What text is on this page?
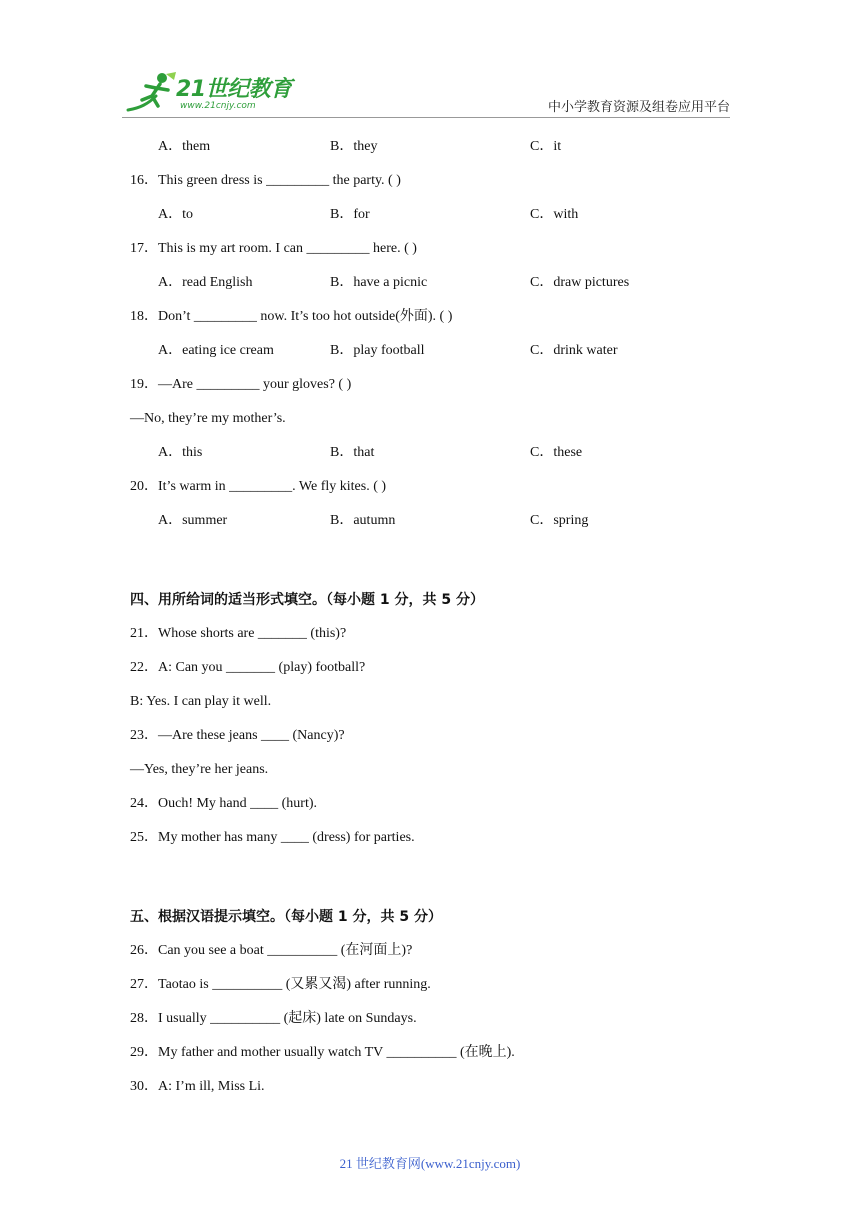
21世纪教育
www.21cnjy.com	中小学教育资源及组卷应用平台
A．them	B．they	C．it
16．This green dress is _________ the party. ( )
A．to	B．for	C．with
17．This is my art room. I can _________ here. ( )
A．read English	B．have a picnic	C．draw pictures
18．Don’t _________ now. It’s too hot outside(外面). ( )
A．eating ice cream	B．play football	C．drink water
19．—Are _________ your gloves? ( )
—No, they’re my mother’s.
A．this	B．that	C．these
20．It’s warm in _________. We fly kites. ( )
A．summer	B．autumn	C．spring
四、用所给词的适当形式填空。（每小题 1 分，共 5 分）
21．Whose shorts are _______ (this)?
22．A: Can you _______ (play) football?
B: Yes. I can play it well.
23．—Are these jeans ____ (Nancy)?
—Yes, they’re her jeans.
24．Ouch! My hand ____ (hurt).
25．My mother has many ____ (dress) for parties.
五、根据汉语提示填空。（每小题 1 分，共 5 分）
26．Can you see a boat __________ (在河面上)?
27．Taotao is __________ (又累又渴) after running.
28．I usually __________ (起床) late on Sundays.
29．My father and mother usually watch TV __________ (在晚上).
30．A: I’m ill, Miss Li.
21 世纪教育网(www.21cnjy.com)
